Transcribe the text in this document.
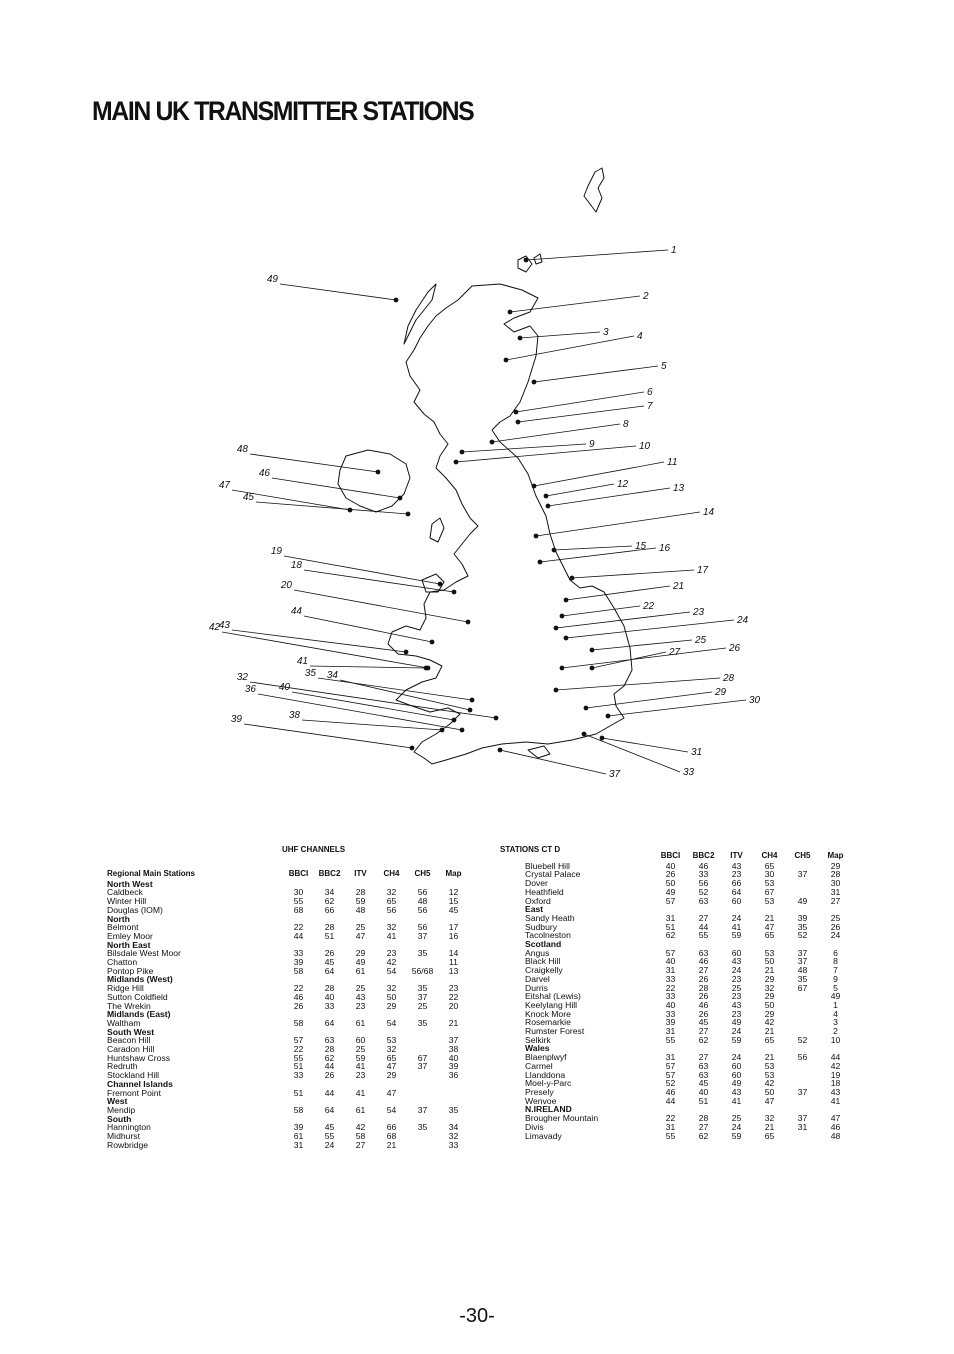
MAIN UK TRANSMITTER STATIONS
1
2
3	4
5
6
7
8
9	10
11
12	13
14
15 16
17
21
22
23
24
25
27	26
28
29
30
31
33
37
49
48
46
47
45
19
18
20
44
43
42
41
35 34
32
36 40
38
39
UHF CHANNELS	STATIONS CT D
Regional Main Stations	BBCI	BBC2	ITV	CH4	CH5	Map
North West						
Caldbeck	30	34	28	32	56	12
Winter Hill	55	62	59	65	48	15
Douglas (IOM)	68	66	48	56	56	45
North						
Belmont	22	28	25	32	56	17
Emley Moor	44	51	47	41	37	16
North East						
Bilsdale West Moor	33	26	29	23	35	14
Chatton	39	45	49	42		11
Pontop Pike	58	64	61	54	56/68	13
Midlands (West)						
Ridge Hill	22	28	25	32	35	23
Sutton Coldfield	46	40	43	50	37	22
The Wrekin	26	33	23	29	25	20
Midlands (East)						
Waltham	58	64	61	54	35	21
South West						
Beacon Hill	57	63	60	53		37
Caradon Hill	22	28	25	32		38
Huntshaw Cross	55	62	59	65	67	40
Redruth	51	44	41	47	37	39
Stockland Hill	33	26	23	29		36
Channel Islands						
Fremont Point	51	44	41	47		
West						
Mendip	58	64	61	54	37	35
South						
Hannington	39	45	42	66	35	34
Midhurst	61	55	58	68		32
Rowbridge	31	24	27	21		33
	BBCI	BBC2	ITV	CH4	CH5	Map
Bluebell Hill	40	46	43	65		29
Crystal Palace	26	33	23	30	37	28
Dover	50	56	66	53		30
Heathfield	49	52	64	67		31
Oxford	57	63	60	53	49	27
East						
Sandy Heath	31	27	24	21	39	25
Sudbury	51	44	41	47	35	26
Tacolneston	62	55	59	65	52	24
Scotland						
Angus	57	63	60	53	37	6
Black Hill	40	46	43	50	37	8
Craigkelly	31	27	24	21	48	7
Darvel	33	26	23	29	35	9
Durris	22	28	25	32	67	5
Eitshal (Lewis)	33	26	23	29		49
Keelylang Hill	40	46	43	50		1
Knock More	33	26	23	29		4
Rosemarkie	39	45	49	42		3
Rumster Forest	31	27	24	21		2
Selkirk	55	62	59	65	52	10
Wales						
Blaenplwyf	31	27	24	21	56	44
Carmel	57	63	60	53		42
Llanddona	57	63	60	53		19
Moel-y-Parc	52	45	49	42		18
Presely	46	40	43	50	37	43
Wenvoe	44	51	41	47		41
N.IRELAND						
Brougher Mountain	22	28	25	32	37	47
Divis	31	27	24	21	31	46
Limavady	55	62	59	65		48
-30-
